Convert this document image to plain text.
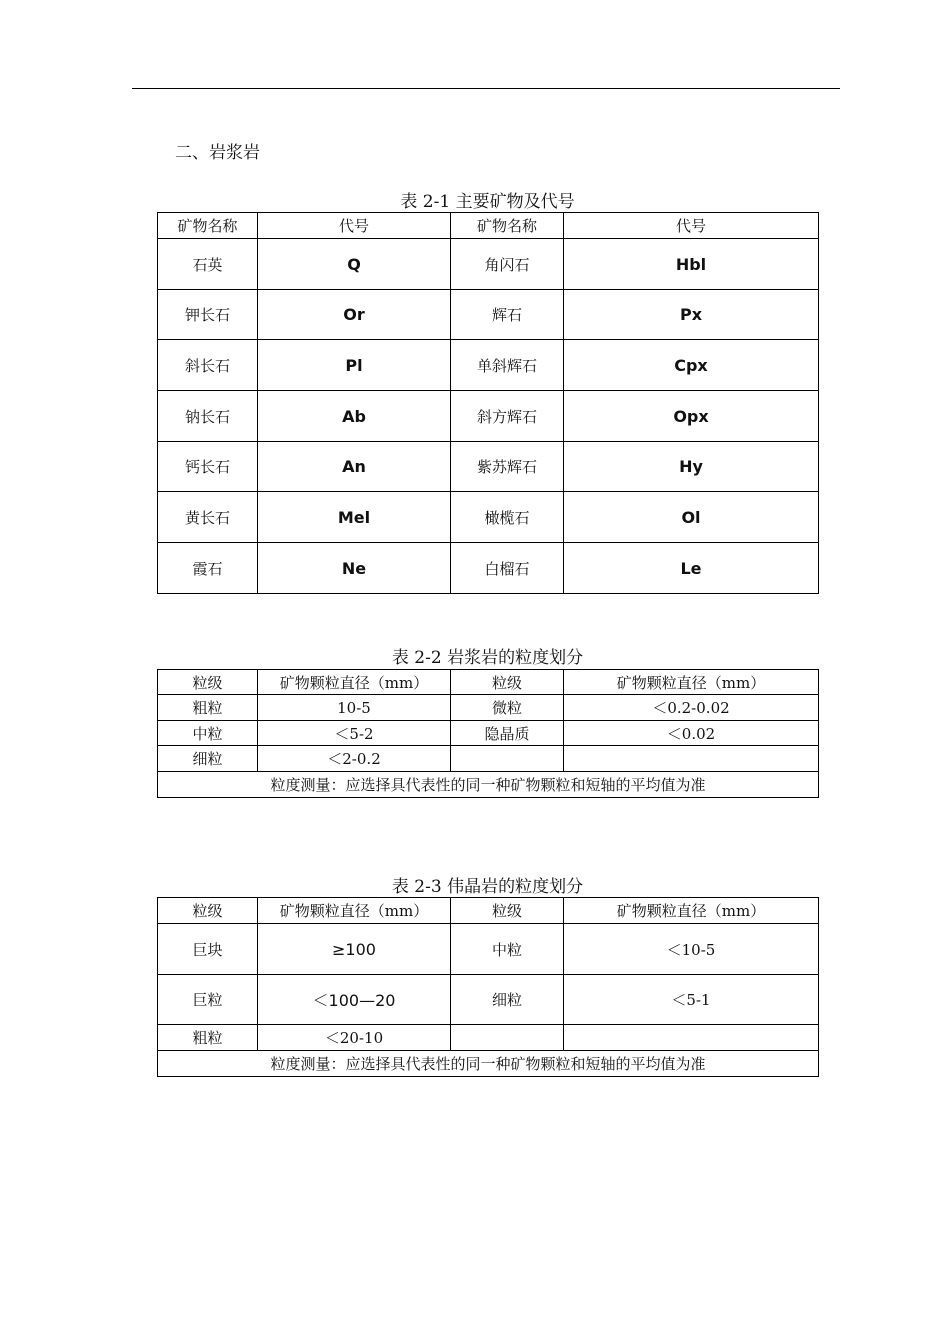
二、岩浆岩
表 2-1 主要矿物及代号
矿物名称	代号	矿物名称	代号
石英	Q	角闪石	Hbl
钾长石	Or	辉石	Px
斜长石	Pl	单斜辉石	Cpx
钠长石	Ab	斜方辉石	Opx
钙长石	An	紫苏辉石	Hy
黄长石	Mel	橄榄石	Ol
霞石	Ne	白榴石	Le
表 2-2 岩浆岩的粒度划分
粒级	矿物颗粒直径（mm）	粒级	矿物颗粒直径（mm）
粗粒	10-5	微粒	＜0.2-0.02
中粒	＜5-2	隐晶质	＜0.02
细粒	＜2-0.2		
粒度测量：应选择具代表性的同一种矿物颗粒和短轴的平均值为准			
表 2-3 伟晶岩的粒度划分
粒级	矿物颗粒直径（mm）	粒级	矿物颗粒直径（mm）
巨块	≥100	中粒	＜10-5
巨粒	＜100—20	细粒	＜5-1
粗粒	＜20-10		
粒度测量：应选择具代表性的同一种矿物颗粒和短轴的平均值为准			
